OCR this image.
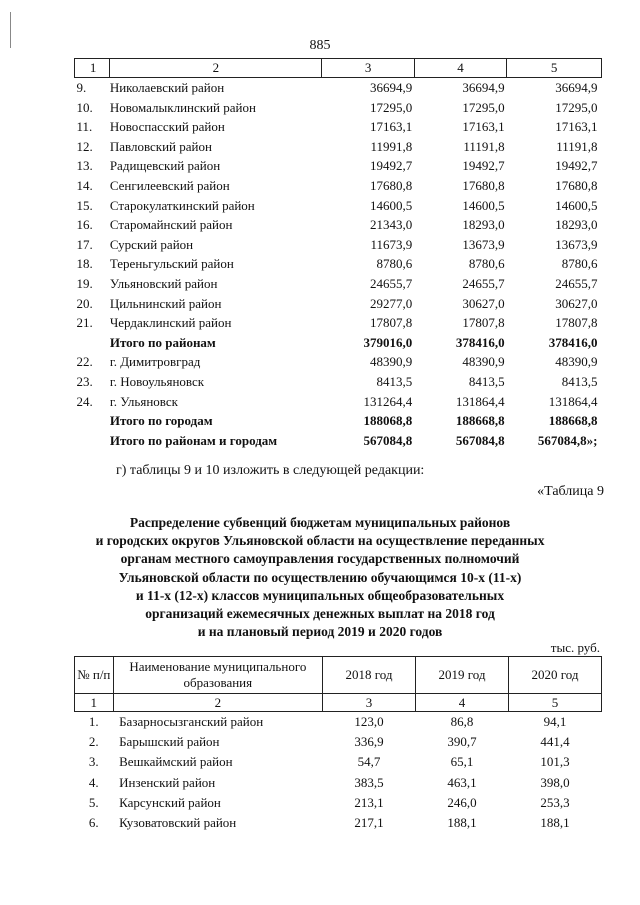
885
1	2	3	4	5
9.	Николаевский район	36694,9	36694,9	36694,9
10.	Новомалыклинский район	17295,0	17295,0	17295,0
11.	Новоспасский район	17163,1	17163,1	17163,1
12.	Павловский район	11991,8	11191,8	11191,8
13.	Радищевский район	19492,7	19492,7	19492,7
14.	Сенгилеевский район	17680,8	17680,8	17680,8
15.	Старокулаткинский район	14600,5	14600,5	14600,5
16.	Старомайнский район	21343,0	18293,0	18293,0
17.	Сурский район	11673,9	13673,9	13673,9
18.	Тереньгульский район	8780,6	8780,6	8780,6
19.	Ульяновский район	24655,7	24655,7	24655,7
20.	Цильнинский район	29277,0	30627,0	30627,0
21.	Чердаклинский район	17807,8	17807,8	17807,8
	Итого по районам	379016,0	378416,0	378416,0
22.	г. Димитровград	48390,9	48390,9	48390,9
23.	г. Новоульяновск	8413,5	8413,5	8413,5
24.	г. Ульяновск	131264,4	131864,4	131864,4
	Итого по городам	188068,8	188668,8	188668,8
	Итого по районам и городам	567084,8	567084,8	567084,8»;
г) таблицы 9 и 10 изложить в следующей редакции:
«Таблица 9
Распределение субвенций бюджетам муниципальных районов
и городских округов Ульяновской области на осуществление переданных
органам местного самоуправления государственных полномочий
Ульяновской области по осуществлению обучающимся 10-х (11-х)
и 11-х (12-х) классов муниципальных общеобразовательных
организаций ежемесячных денежных выплат на 2018 год
и на плановый период 2019 и 2020 годов
тыс. руб.
№ п/п	Наименование муниципального образования	2018 год	2019 год	2020 год
1	2	3	4	5
1.	Базарносызганский район	123,0	86,8	94,1
2.	Барышский район	336,9	390,7	441,4
3.	Вешкаймский район	54,7	65,1	101,3
4.	Инзенский район	383,5	463,1	398,0
5.	Карсунский район	213,1	246,0	253,3
6.	Кузоватовский район	217,1	188,1	188,1
